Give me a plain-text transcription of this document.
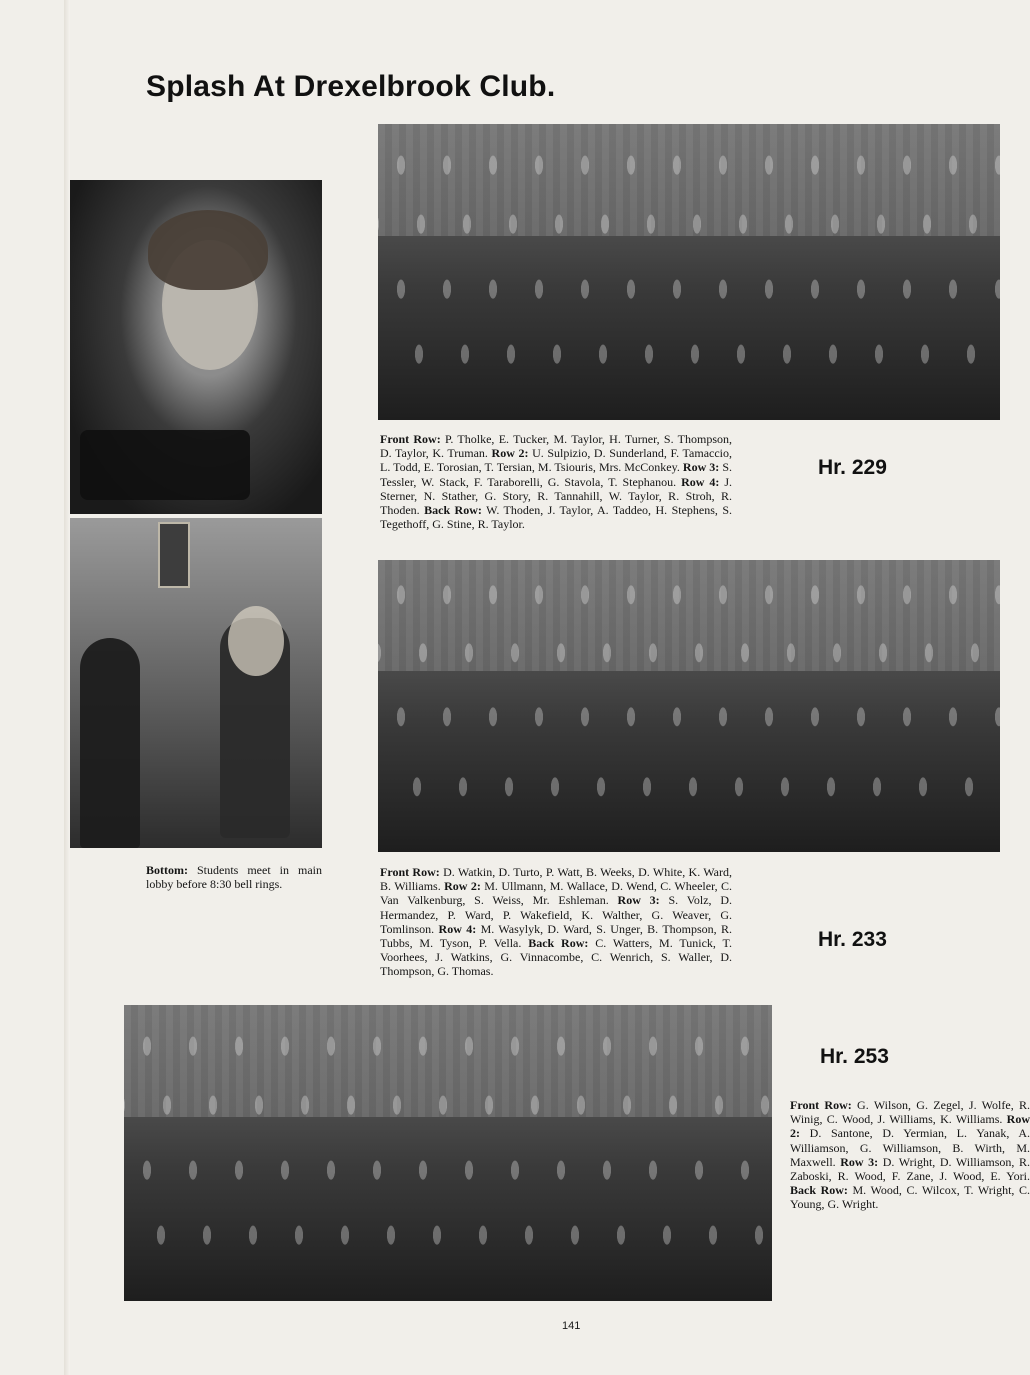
Splash At Drexelbrook Club.

Bottom: Students meet in main lobby before 8:30 bell rings.

Front Row: P. Tholke, E. Tucker, M. Taylor, H. Turner, S. Thompson, D. Taylor, K. Truman. Row 2: U. Sulpizio, D. Sunderland, F. Tamaccio, L. Todd, E. Torosian, T. Tersian, M. Tsiouris, Mrs. McConkey. Row 3: S. Tessler, W. Stack, F. Taraborelli, G. Stavola, T. Stephanou. Row 4: J. Sterner, N. Stather, G. Story, R. Tannahill, W. Taylor, R. Stroh, R. Thoden. Back Row: W. Thoden, J. Taylor, A. Taddeo, H. Stephens, S. Tegethoff, G. Stine, R. Taylor.

Hr. 229

Front Row: D. Watkin, D. Turto, P. Watt, B. Weeks, D. White, K. Ward, B. Williams. Row 2: M. Ullmann, M. Wallace, D. Wend, C. Wheeler, C. Van Valkenburg, S. Weiss, Mr. Eshleman. Row 3: S. Volz, D. Hermandez, P. Ward, P. Wakefield, K. Walther, G. Weaver, G. Tomlinson. Row 4: M. Wasylyk, D. Ward, S. Unger, B. Thompson, R. Tubbs, M. Tyson, P. Vella. Back Row: C. Watters, M. Tunick, T. Voorhees, J. Watkins, G. Vinnacombe, C. Wenrich, S. Waller, D. Thompson, G. Thomas.

Hr. 233
Hr. 253

Front Row: G. Wilson, G. Zegel, J. Wolfe, R. Winig, C. Wood, J. Williams, K. Williams. Row 2: D. Santone, D. Yermian, L. Yanak, A. Williamson, G. Williamson, B. Wirth, M. Maxwell. Row 3: D. Wright, D. Williamson, R. Zaboski, R. Wood, F. Zane, J. Wood, E. Yori. Back Row: M. Wood, C. Wilcox, T. Wright, C. Young, G. Wright.

141
